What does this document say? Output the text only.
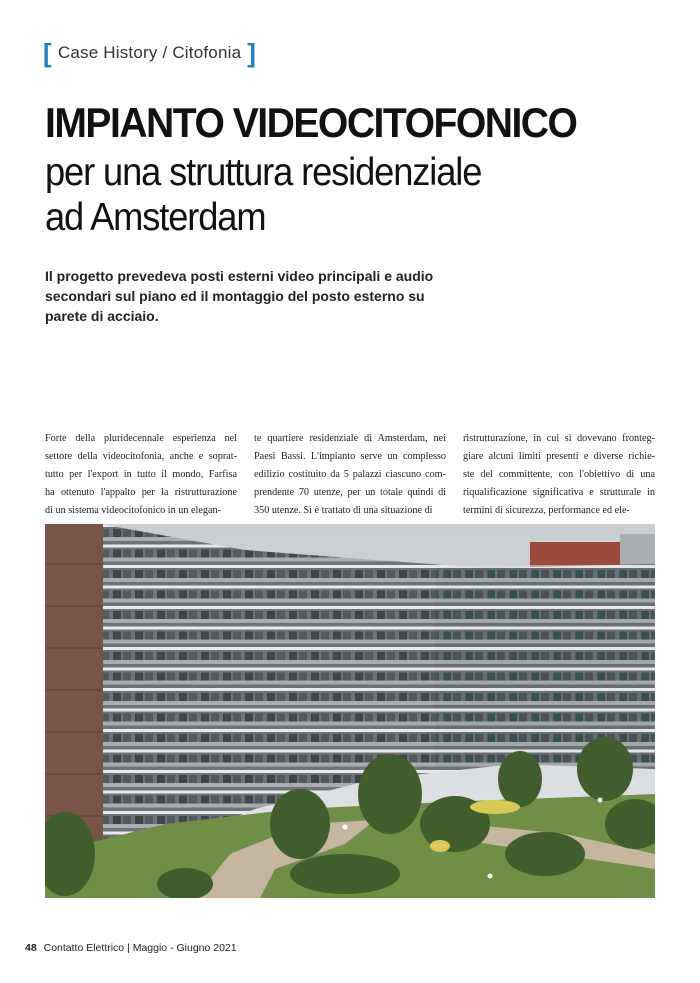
[ Case History / Citofonia ]
IMPIANTO VIDEOCITOFONICO
per una struttura residenziale
ad Amsterdam

Il progetto prevedeva posti esterni video principali e audio
secondari sul piano ed il montaggio del posto esterno su
parete di acciaio.

Forte della pluridecennale esperienza nel
settore della videocitofonia, anche e soprat-
tutto per l'export in tutto il mondo, Farfisa
ha ottenuto l'appalto per la ristrutturazione
di un sistema videocitofonico in un elegan-
te quartiere residenziale di Amsterdam, nei
Paesi Bassi. L'impianto serve un complesso
edilizio costituito da 5 palazzi ciascuno com-
prendente 70 utenze, per un totale quindi di
350 utenze. Si è trattato di una situazione di
ristrutturazione, in cui si dovevano fronteg-
giare alcuni limiti presenti e diverse richie-
ste del committente, con l'obiettivo di una
riqualificazione significativa e strutturale in
termini di sicurezza, performance ed ele-
48 Contatto Elettrico | Maggio - Giugno 2021
